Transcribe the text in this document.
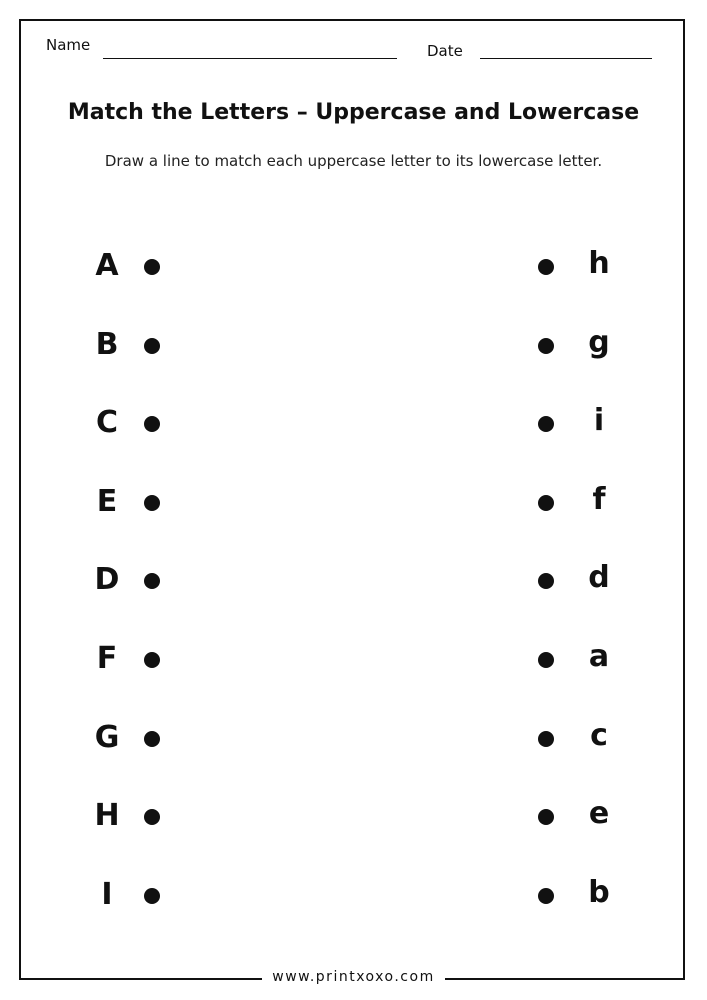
Name	Date
Match the Letters – Uppercase and Lowercase
Draw a line to match each uppercase letter to its lowercase letter.
A	h
B	g
C	i
E	f
D	d
F	a
G	c
H	e
I	b
www.printxoxo.com
